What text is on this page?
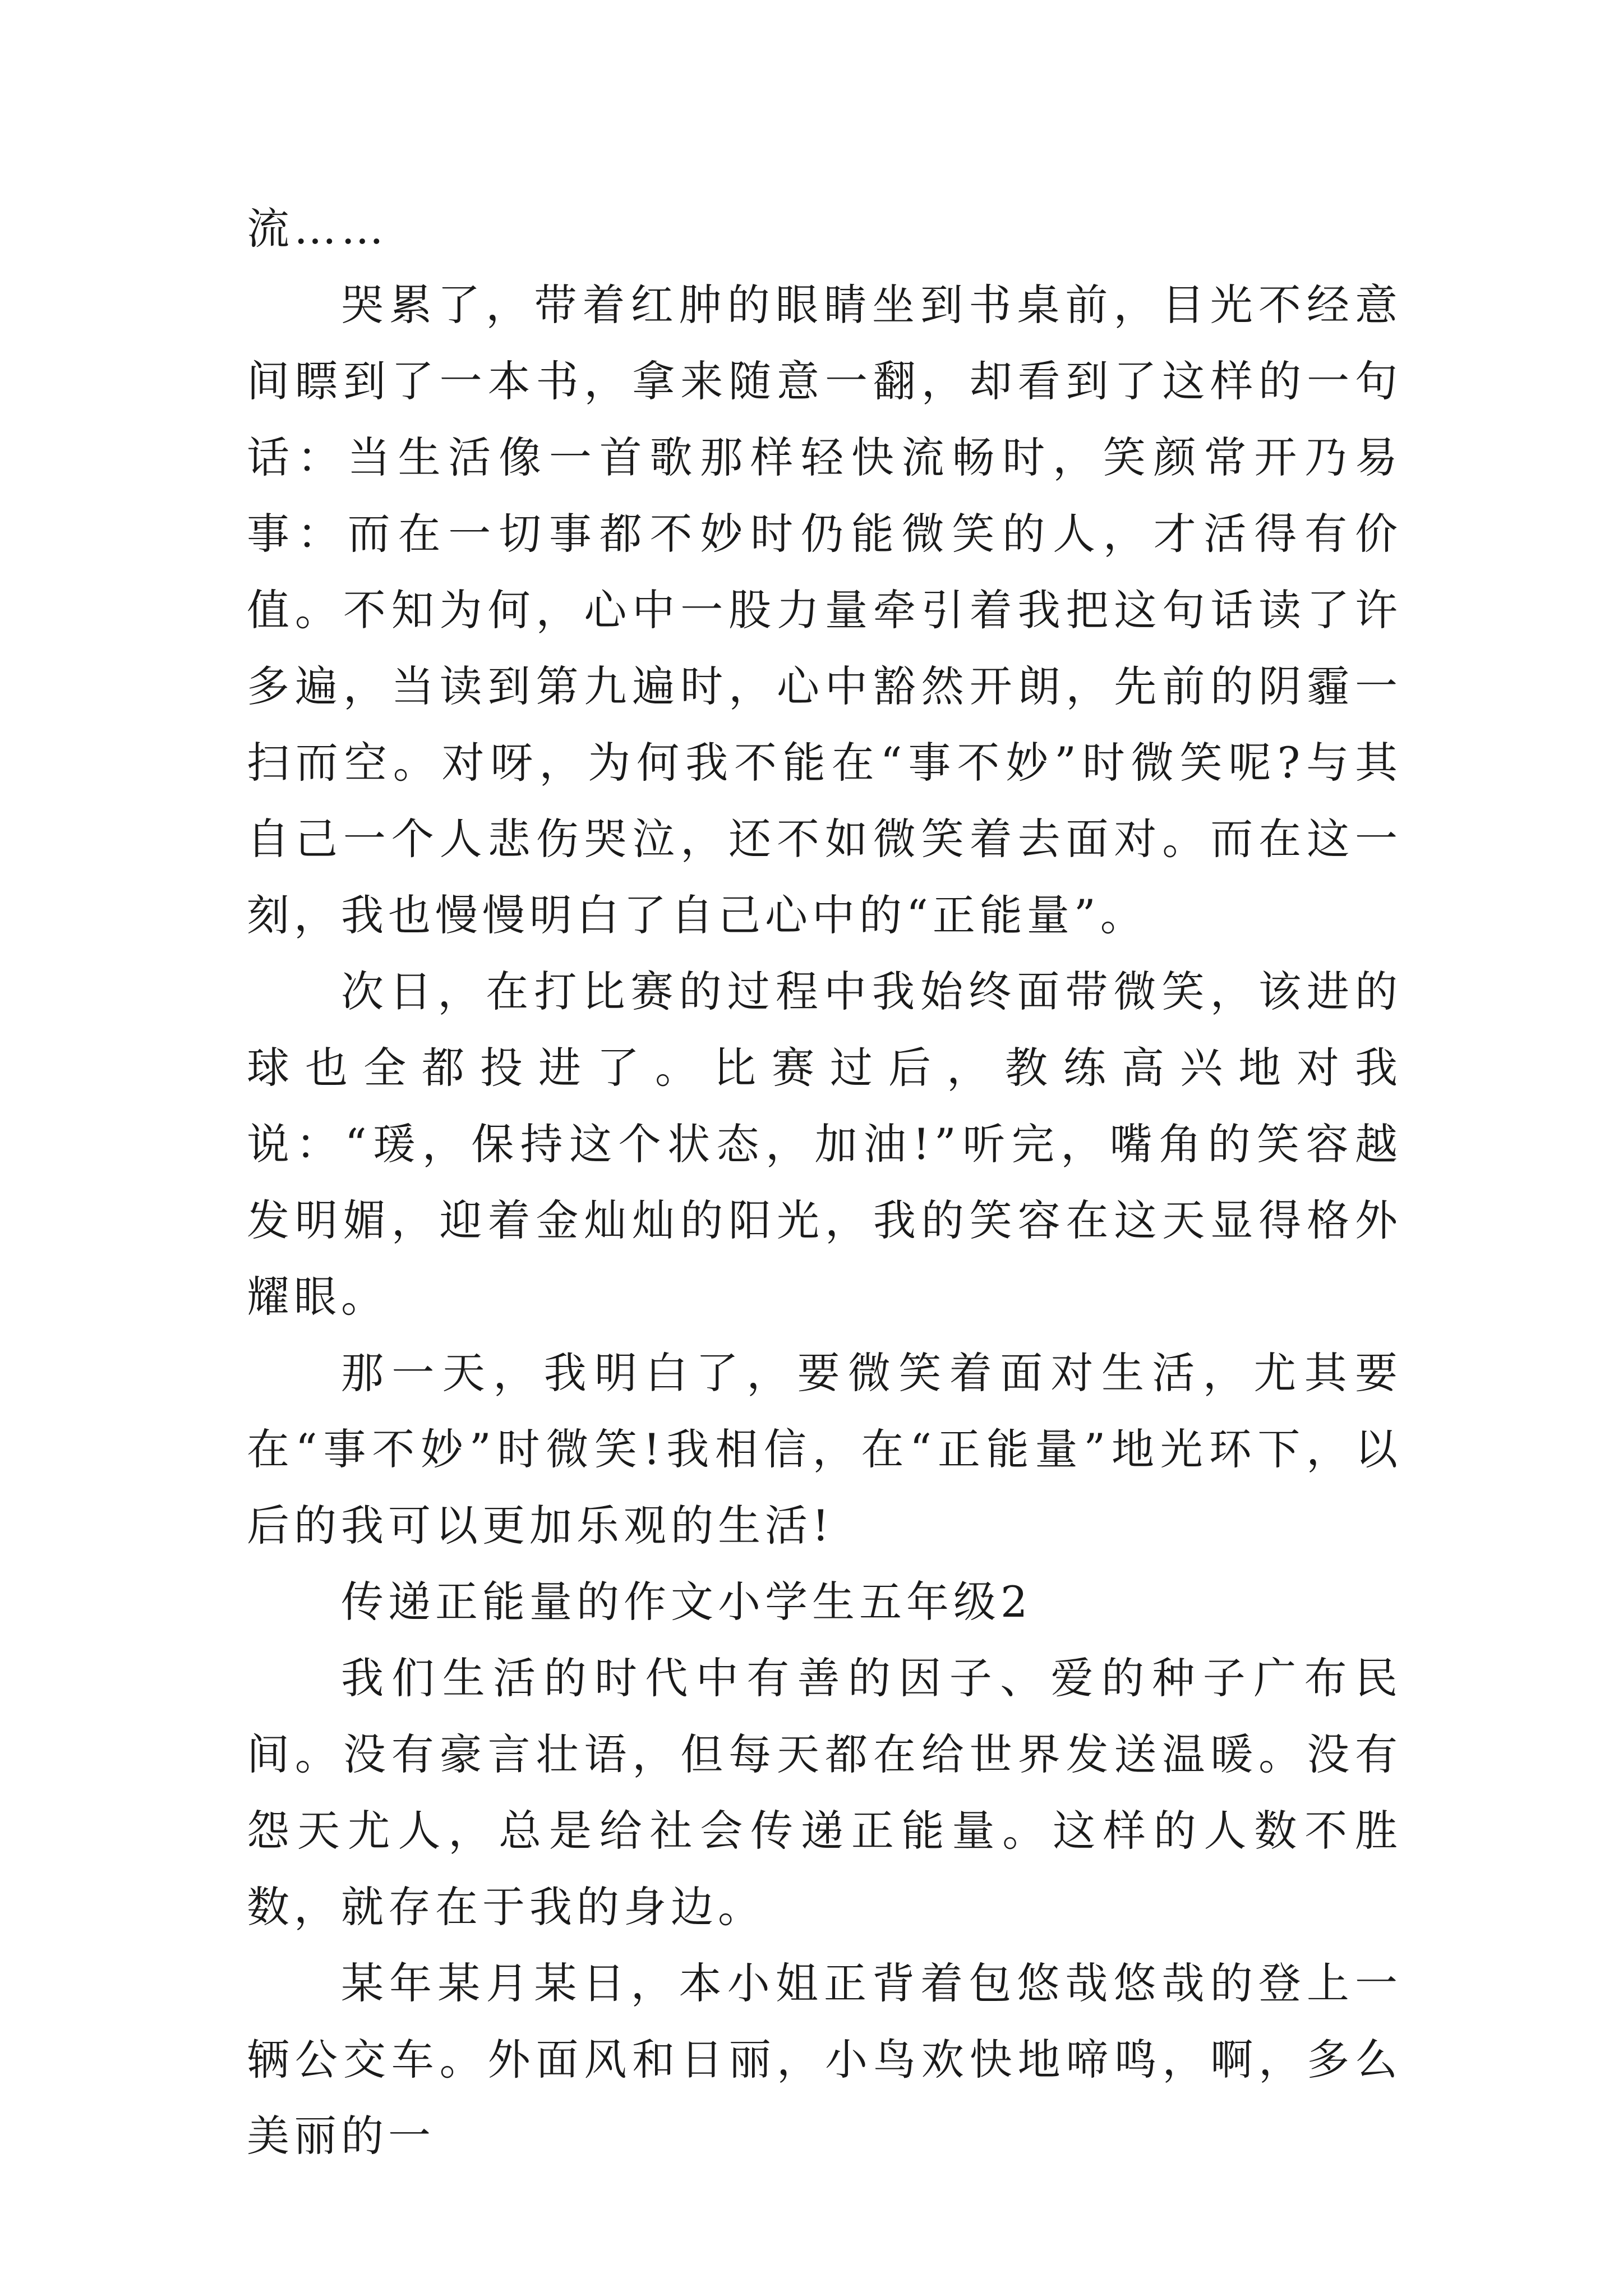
流……

哭累了，带着红肿的眼睛坐到书桌前，目光不经意间瞟到了一本书，拿来随意一翻，却看到了这样的一句话：当生活像一首歌那样轻快流畅时，笑颜常开乃易事：而在一切事都不妙时仍能微笑的人，才活得有价值。不知为何，心中一股力量牵引着我把这句话读了许多遍，当读到第九遍时，心中豁然开朗，先前的阴霾一扫而空。对呀，为何我不能在“事不妙”时微笑呢?与其自己一个人悲伤哭泣，还不如微笑着去面对。而在这一刻，我也慢慢明白了自己心中的“正能量”。

次日，在打比赛的过程中我始终面带微笑，该进的球也全都投进了。比赛过后，教练高兴地对我说：“瑗，保持这个状态，加油!”听完，嘴角的笑容越发明媚，迎着金灿灿的阳光，我的笑容在这天显得格外耀眼。

那一天，我明白了，要微笑着面对生活，尤其要在“事不妙”时微笑!我相信，在“正能量”地光环下，以后的我可以更加乐观的生活!

传递正能量的作文小学生五年级2

我们生活的时代中有善的因子、爱的种子广布民间。没有豪言壮语，但每天都在给世界发送温暖。没有怨天尤人，总是给社会传递正能量。这样的人数不胜数，就存在于我的身边。

某年某月某日，本小姐正背着包悠哉悠哉的登上一辆公交车。外面风和日丽，小鸟欢快地啼鸣，啊，多么美丽的一
